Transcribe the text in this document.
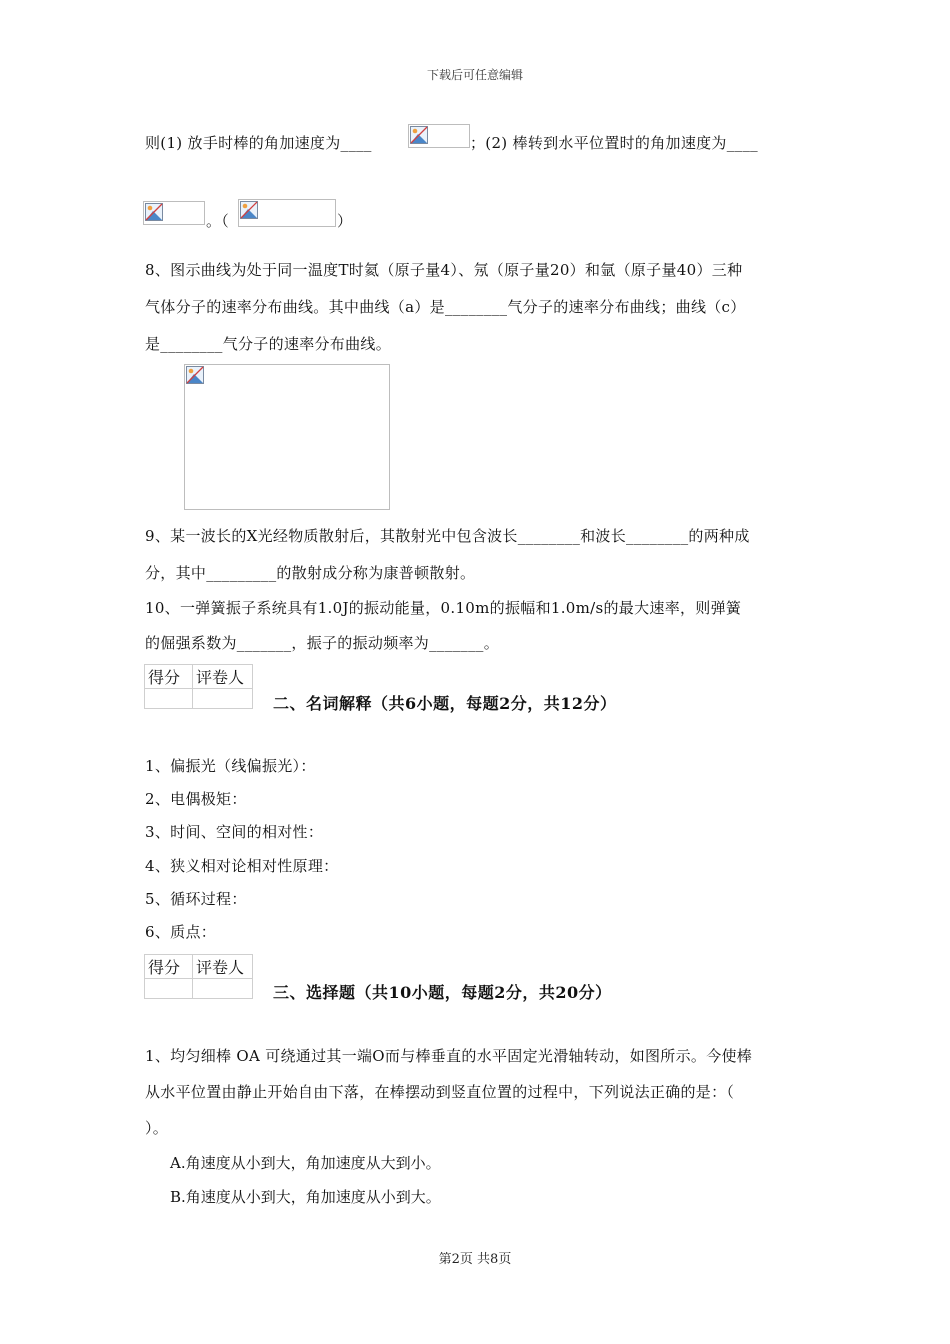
下载后可任意编辑
则(1) 放手时棒的角加速度为____	；(2) 棒转到水平位置时的角加速度为____
。（	）
8、图示曲线为处于同一温度T时氦（原子量4）、氖（原子量20）和氩（原子量40）三种
气体分子的速率分布曲线。其中曲线（a）是________气分子的速率分布曲线；曲线（c）
是________气分子的速率分布曲线。
9、某一波长的X光经物质散射后，其散射光中包含波长________和波长________的两种成
分，其中_________的散射成分称为康普顿散射。
10、一弹簧振子系统具有1.0J的振动能量，0.10m的振幅和1.0m/s的最大速率，则弹簧
的倔强系数为_______，振子的振动频率为_______。
得分	评卷人

二、名词解释（共6小题，每题2分，共12分）
1、偏振光（线偏振光）：
2、电偶极矩：
3、时间、空间的相对性：
4、狭义相对论相对性原理：
5、循环过程：
6、质点：
得分	评卷人

三、选择题（共10小题，每题2分，共20分）
1、均匀细棒 OA 可绕通过其一端O而与棒垂直的水平固定光滑轴转动，如图所示。今使棒
从水平位置由静止开始自由下落，在棒摆动到竖直位置的过程中，下列说法正确的是：（
）。
A.角速度从小到大，角加速度从大到小。
B.角速度从小到大，角加速度从小到大。
第2页 共8页
